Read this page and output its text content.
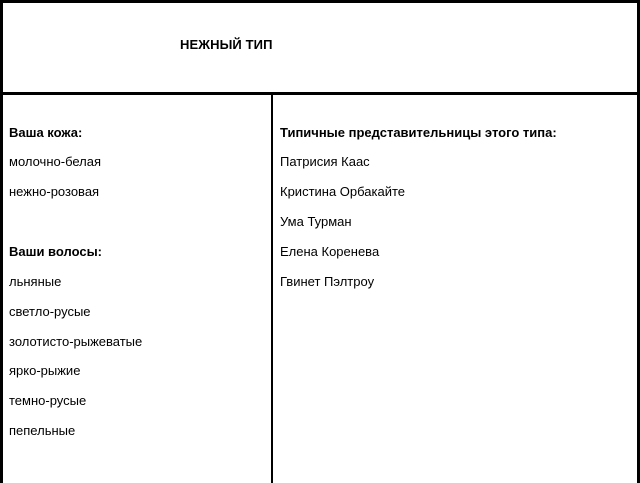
НЕЖНЫЙ ТИП
Ваша кожа:
молочно-белая
нежно-розовая
Ваши волосы:
льняные
светло-русые
золотисто-рыжеватые
ярко-рыжие
темно-русые
пепельные
Типичные представительницы этого типа:
Патрисия Каас
Кристина Орбакайте
Ума Турман
Елена Коренева
Гвинет Пэлтроу
